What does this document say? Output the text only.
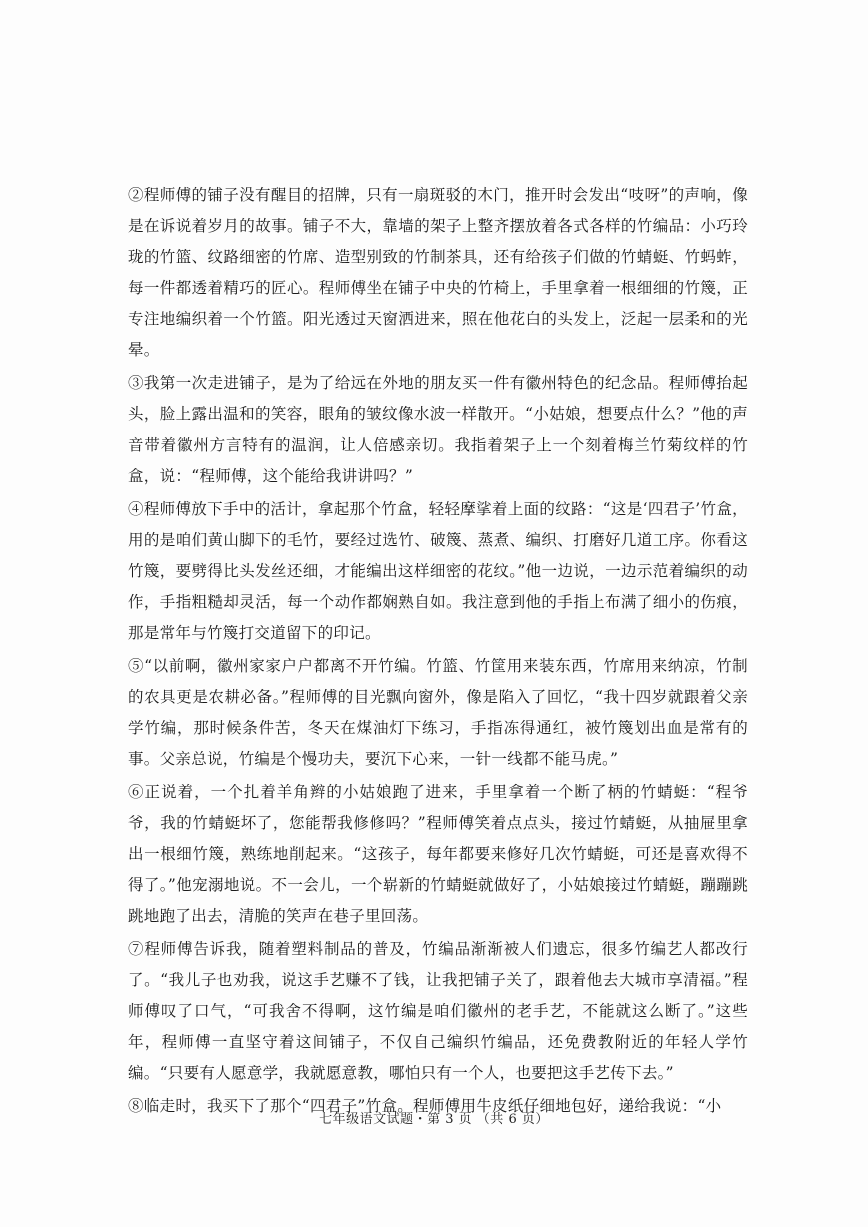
②程师傅的铺子没有醒目的招牌，只有一扇斑驳的木门，推开时会发出“吱呀”的声响，像是在诉说着岁月的故事。铺子不大，靠墙的架子上整齐摆放着各式各样的竹编品：小巧玲珑的竹篮、纹路细密的竹席、造型别致的竹制茶具，还有给孩子们做的竹蜻蜓、竹蚂蚱，每一件都透着精巧的匠心。程师傅坐在铺子中央的竹椅上，手里拿着一根细细的竹篾，正专注地编织着一个竹篮。阳光透过天窗洒进来，照在他花白的头发上，泛起一层柔和的光晕。

③我第一次走进铺子，是为了给远在外地的朋友买一件有徽州特色的纪念品。程师傅抬起头，脸上露出温和的笑容，眼角的皱纹像水波一样散开。“小姑娘，想要点什么？”他的声音带着徽州方言特有的温润，让人倍感亲切。我指着架子上一个刻着梅兰竹菊纹样的竹盒，说：“程师傅，这个能给我讲讲吗？”

④程师傅放下手中的活计，拿起那个竹盒，轻轻摩挲着上面的纹路：“这是‘四君子’竹盒，用的是咱们黄山脚下的毛竹，要经过选竹、破篾、蒸煮、编织、打磨好几道工序。你看这竹篾，要劈得比头发丝还细，才能编出这样细密的花纹。”他一边说，一边示范着编织的动作，手指粗糙却灵活，每一个动作都娴熟自如。我注意到他的手指上布满了细小的伤痕，那是常年与竹篾打交道留下的印记。

⑤“以前啊，徽州家家户户都离不开竹编。竹篮、竹筐用来装东西，竹席用来纳凉，竹制的农具更是农耕必备。”程师傅的目光飘向窗外，像是陷入了回忆，“我十四岁就跟着父亲学竹编，那时候条件苦，冬天在煤油灯下练习，手指冻得通红，被竹篾划出血是常有的事。父亲总说，竹编是个慢功夫，要沉下心来，一针一线都不能马虎。”

⑥正说着，一个扎着羊角辫的小姑娘跑了进来，手里拿着一个断了柄的竹蜻蜓：“程爷爷，我的竹蜻蜓坏了，您能帮我修修吗？”程师傅笑着点点头，接过竹蜻蜓，从抽屉里拿出一根细竹篾，熟练地削起来。“这孩子，每年都要来修好几次竹蜻蜓，可还是喜欢得不得了。”他宠溺地说。不一会儿，一个崭新的竹蜻蜓就做好了，小姑娘接过竹蜻蜓，蹦蹦跳跳地跑了出去，清脆的笑声在巷子里回荡。

⑦程师傅告诉我，随着塑料制品的普及，竹编品渐渐被人们遗忘，很多竹编艺人都改行了。“我儿子也劝我，说这手艺赚不了钱，让我把铺子关了，跟着他去大城市享清福。”程师傅叹了口气，“可我舍不得啊，这竹编是咱们徽州的老手艺，不能就这么断了。”这些年，程师傅一直坚守着这间铺子，不仅自己编织竹编品，还免费教附近的年轻人学竹编。“只要有人愿意学，我就愿意教，哪怕只有一个人，也要把这手艺传下去。”

⑧临走时，我买下了那个“四君子”竹盒。程师傅用牛皮纸仔细地包好，递给我说：“小

七年级语文试题・第 3 页 （共 6 页）
